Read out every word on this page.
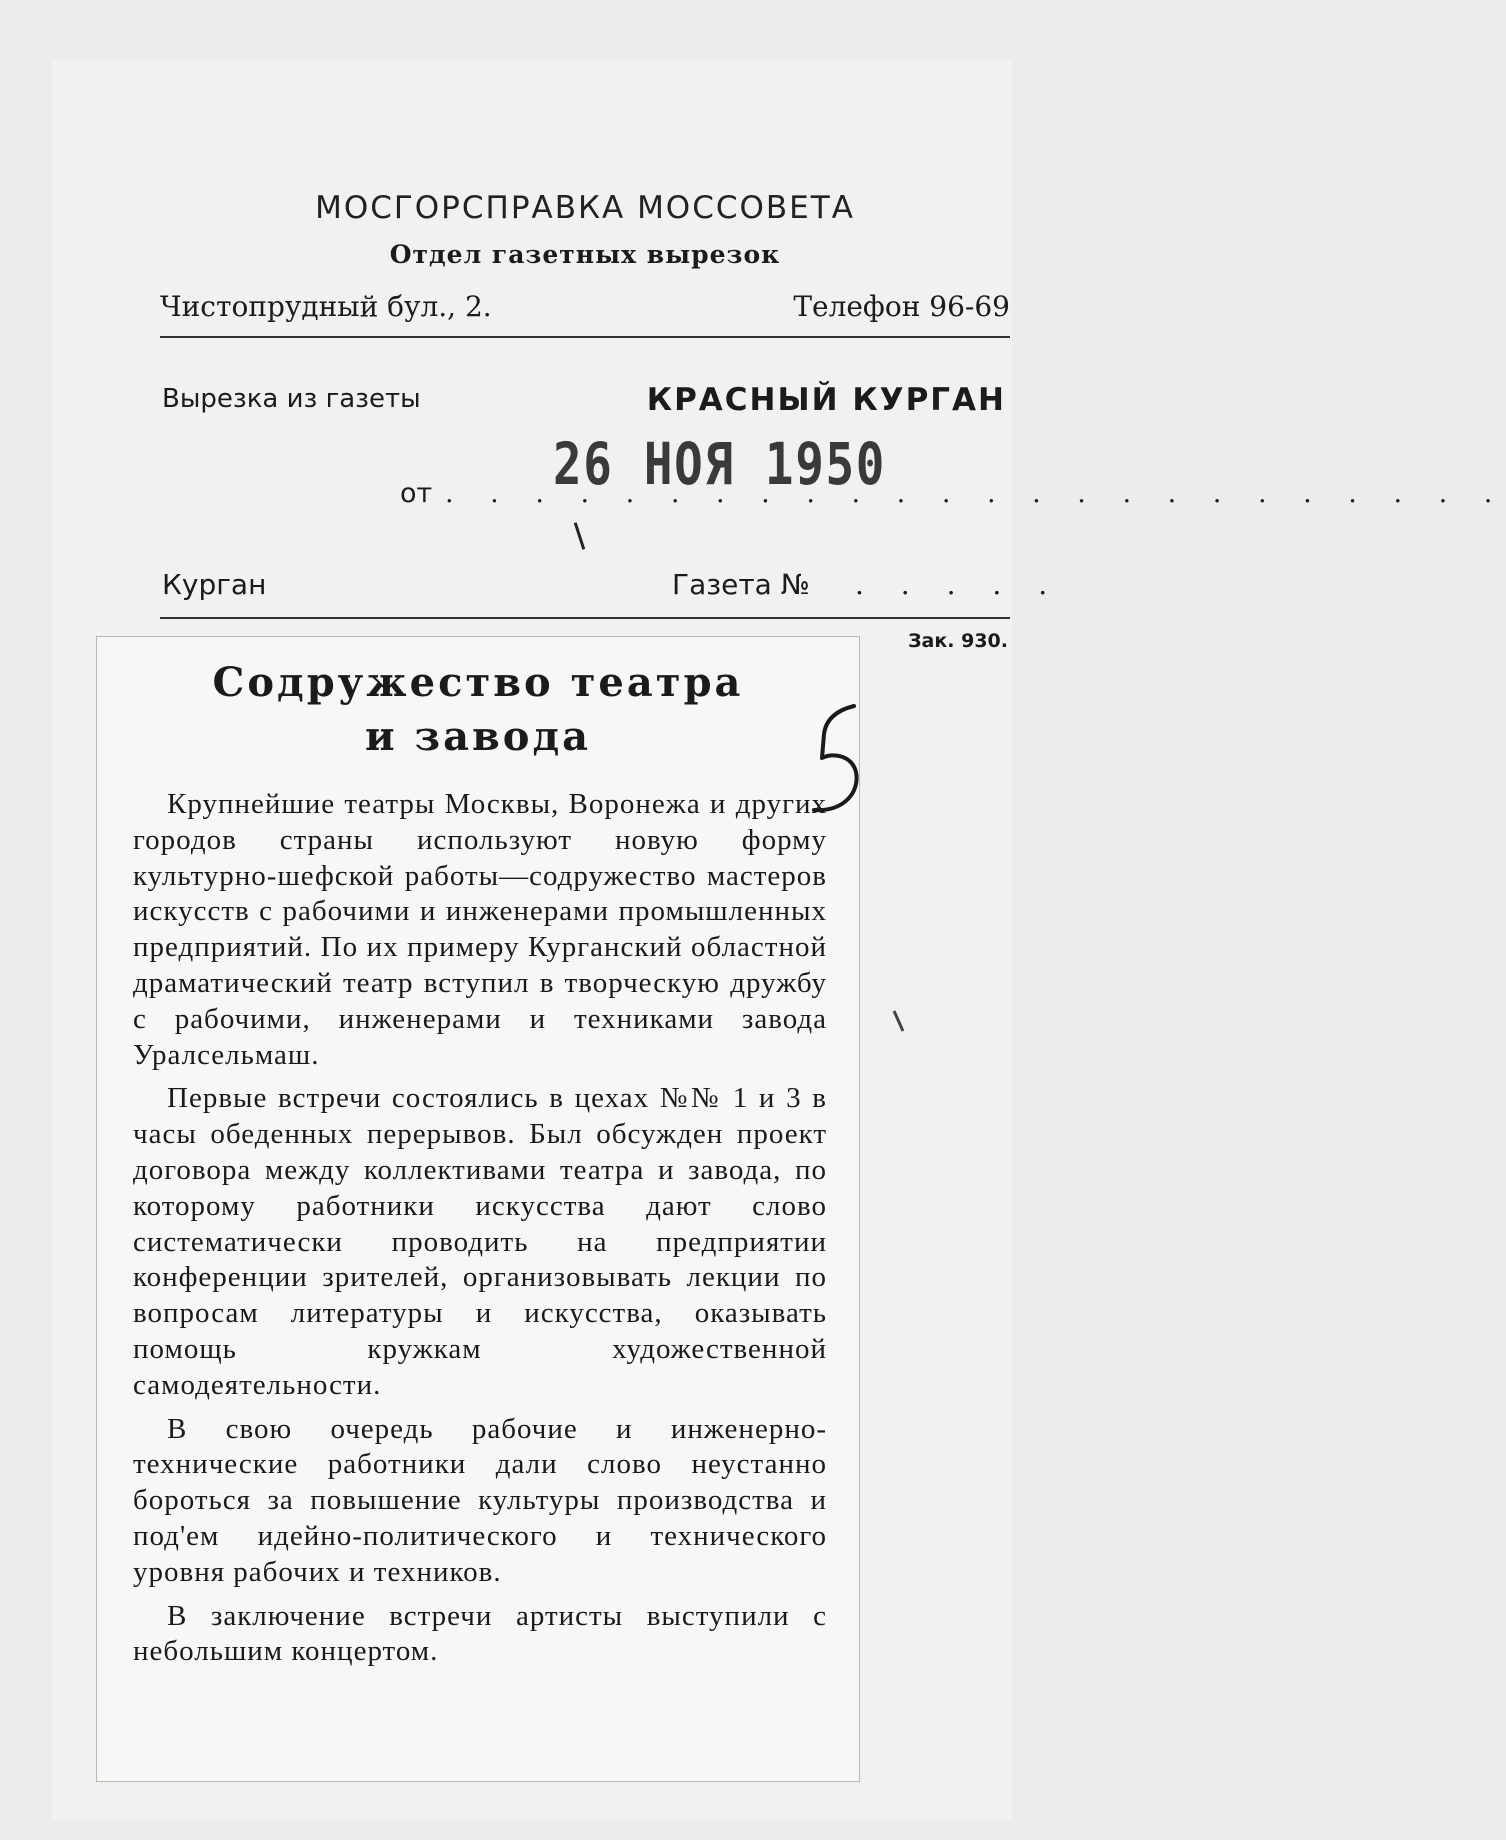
МОСГОРСПРАВКА МОССОВЕТА
Отдел газетных вырезок
Чистопрудный бул., 2.	Телефон 96-69
Вырезка из газеты	КРАСНЫЙ КУРГАН
от . . . . . . . . . . . . . . . . . . . . . . . .
26 НОЯ 1950
Курган	Газета № . . . . .
Зак. 930.
Содружество театра
и завода

Крупнейшие театры Москвы, Воронежа и других городов страны используют новую форму культурно-шефской работы—содружество мастеров искусств с рабочими и инженерами промышленных предприятий. По их примеру Курганский областной драматический театр вступил в творческую дружбу с рабочими, инженерами и техниками завода Уралсельмаш.

Первые встречи состоялись в цехах №№ 1 и 3 в часы обеденных перерывов. Был обсужден проект договора между коллективами театра и завода, по которому работники искусства дают слово систематически проводить на предприятии конференции зрителей, организовывать лекции по вопросам литературы и искусства, оказывать помощь кружкам художественной самодеятельности.

В свою очередь рабочие и инженерно-технические работники дали слово неустанно бороться за повышение культуры производства и под'ем идейно-политического и технического уровня рабочих и техников.

В заключение встречи артисты выступили с небольшим концертом.
